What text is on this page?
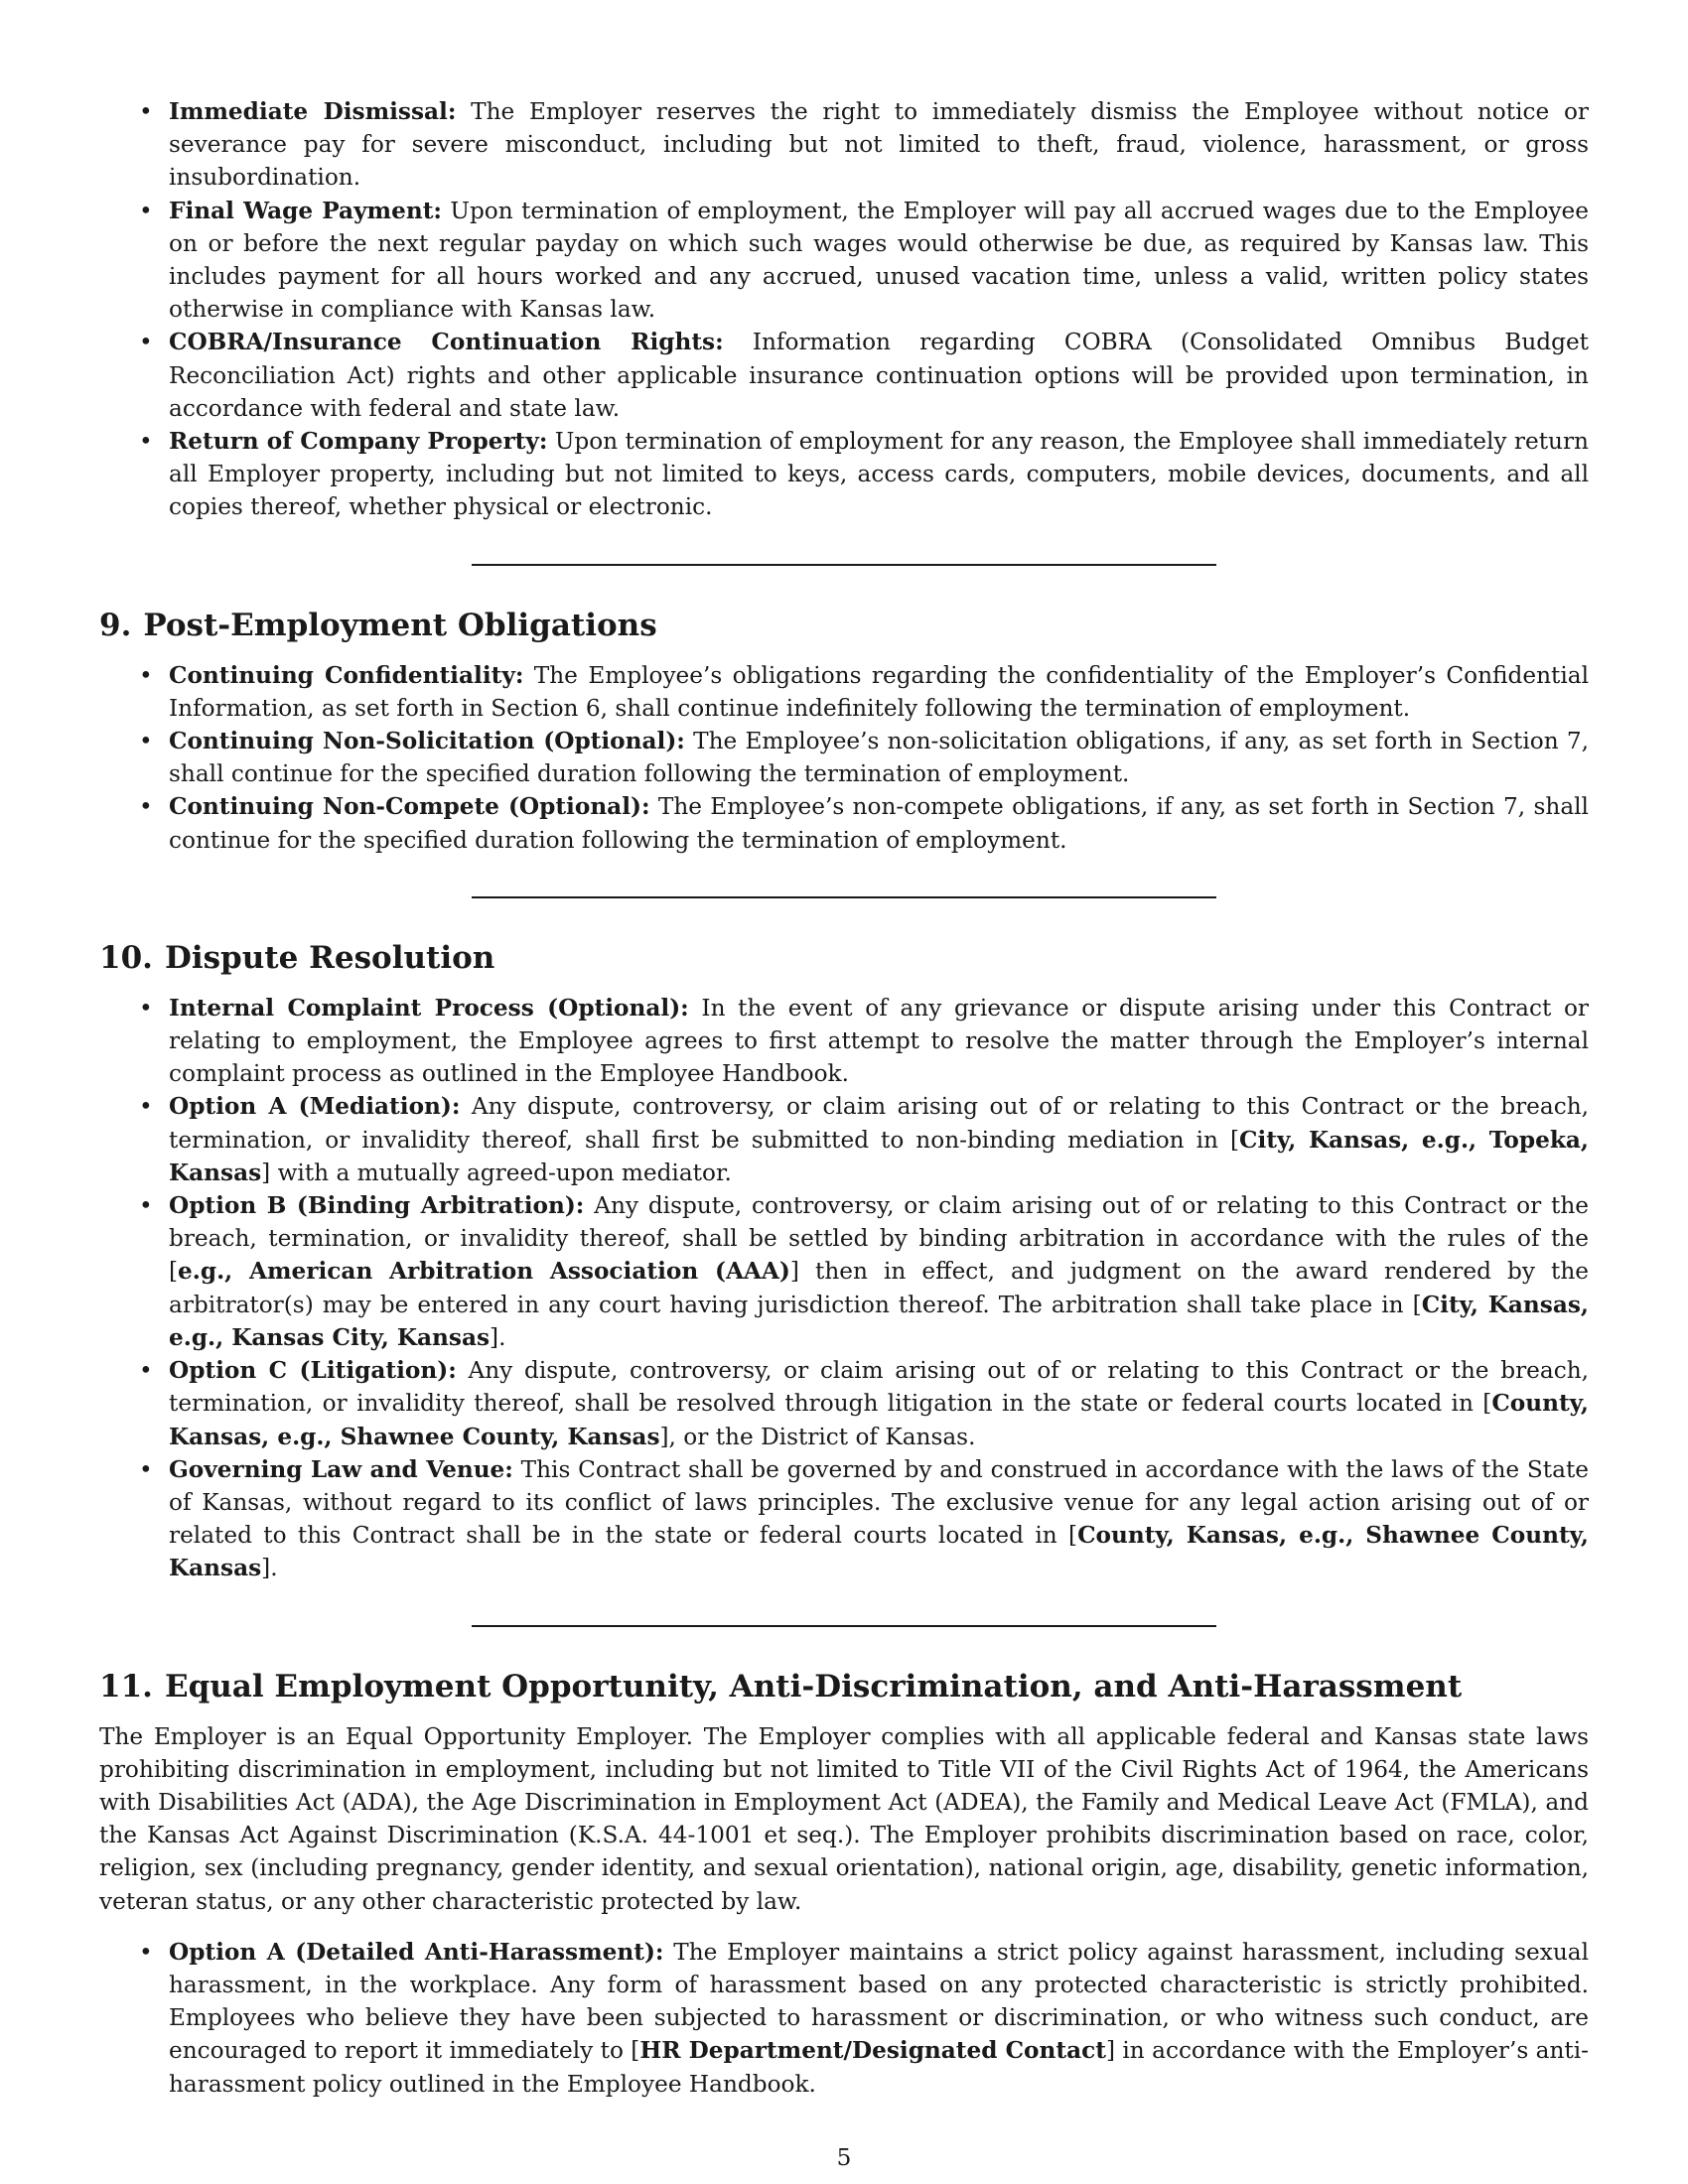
• Immediate Dismissal: The Employer reserves the right to immediately dismiss the Employee without notice or severance pay for severe misconduct, including but not limited to theft, fraud, violence, harassment, or gross insubordination.
• Final Wage Payment: Upon termination of employment, the Employer will pay all accrued wages due to the Employee on or before the next regular payday on which such wages would otherwise be due, as required by Kansas law. This includes payment for all hours worked and any accrued, unused vacation time, unless a valid, written policy states otherwise in compliance with Kansas law.
• COBRA/Insurance Continuation Rights: Information regarding COBRA (Consolidated Omnibus Budget Reconciliation Act) rights and other applicable insurance continuation options will be provided upon termination, in accordance with federal and state law.
• Return of Company Property: Upon termination of employment for any reason, the Employee shall immediately return all Employer property, including but not limited to keys, access cards, computers, mobile devices, documents, and all copies thereof, whether physical or electronic.
9. Post-Employment Obligations
• Continuing Confidentiality: The Employee’s obligations regarding the confidentiality of the Employer’s Confidential Information, as set forth in Section 6, shall continue indefinitely following the termination of employment.
• Continuing Non-Solicitation (Optional): The Employee’s non-solicitation obligations, if any, as set forth in Section 7, shall continue for the specified duration following the termination of employment.
• Continuing Non-Compete (Optional): The Employee’s non-compete obligations, if any, as set forth in Section 7, shall continue for the specified duration following the termination of employment.
10. Dispute Resolution
• Internal Complaint Process (Optional): In the event of any grievance or dispute arising under this Contract or relating to employment, the Employee agrees to first attempt to resolve the matter through the Employer’s internal complaint process as outlined in the Employee Handbook.
• Option A (Mediation): Any dispute, controversy, or claim arising out of or relating to this Contract or the breach, termination, or invalidity thereof, shall first be submitted to non-binding mediation in [City, Kansas, e.g., Topeka, Kansas] with a mutually agreed-upon mediator.
• Option B (Binding Arbitration): Any dispute, controversy, or claim arising out of or relating to this Contract or the breach, termination, or invalidity thereof, shall be settled by binding arbitration in accordance with the rules of the [e.g., American Arbitration Association (AAA)] then in effect, and judgment on the award rendered by the arbitrator(s) may be entered in any court having jurisdiction thereof. The arbitration shall take place in [City, Kansas, e.g., Kansas City, Kansas].
• Option C (Litigation): Any dispute, controversy, or claim arising out of or relating to this Contract or the breach, termination, or invalidity thereof, shall be resolved through litigation in the state or federal courts located in [County, Kansas, e.g., Shawnee County, Kansas], or the District of Kansas.
• Governing Law and Venue: This Contract shall be governed by and construed in accordance with the laws of the State of Kansas, without regard to its conflict of laws principles. The exclusive venue for any legal action arising out of or related to this Contract shall be in the state or federal courts located in [County, Kansas, e.g., Shawnee County, Kansas].
11. Equal Employment Opportunity, Anti-Discrimination, and Anti-Harassment

The Employer is an Equal Opportunity Employer. The Employer complies with all applicable federal and Kansas state laws prohibiting discrimination in employment, including but not limited to Title VII of the Civil Rights Act of 1964, the Americans with Disabilities Act (ADA), the Age Discrimination in Employment Act (ADEA), the Family and Medical Leave Act (FMLA), and the Kansas Act Against Discrimination (K.S.A. 44-1001 et seq.). The Employer prohibits discrimination based on race, color, religion, sex (including pregnancy, gender identity, and sexual orientation), national origin, age, disability, genetic information, veteran status, or any other characteristic protected by law.

• Option A (Detailed Anti-Harassment): The Employer maintains a strict policy against harassment, including sexual harassment, in the workplace. Any form of harassment based on any protected characteristic is strictly prohibited. Employees who believe they have been subjected to harassment or discrimination, or who witness such conduct, are encouraged to report it immediately to [HR Department/Designated Contact] in accordance with the Employer’s anti-harassment policy outlined in the Employee Handbook.
5
